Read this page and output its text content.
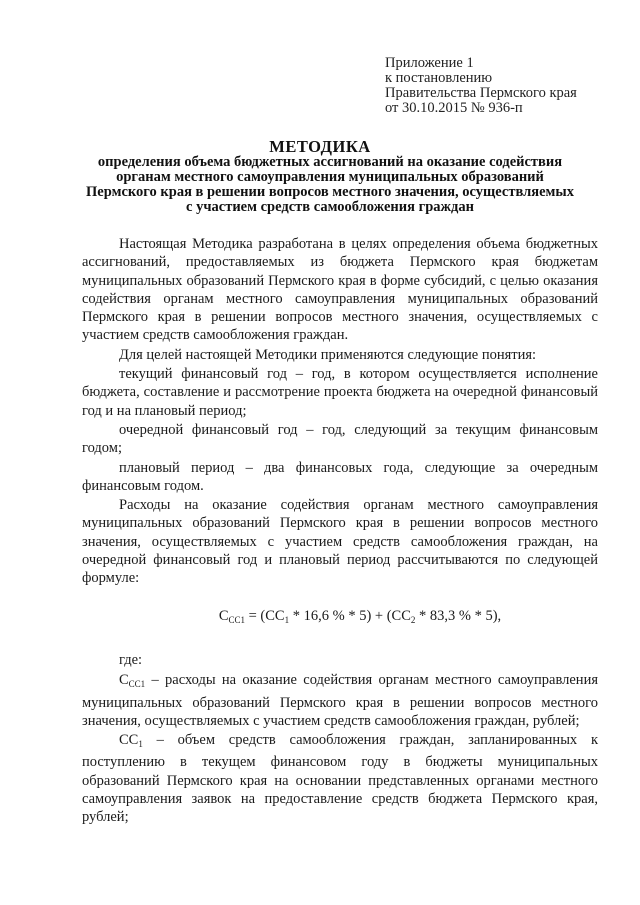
Приложение 1
к постановлению
Правительства Пермского края
от 30.10.2015 № 936-п
МЕТОДИКА
определения объема бюджетных ассигнований на оказание содействия
органам местного самоуправления муниципальных образований
Пермского края в решении вопросов местного значения, осуществляемых
с участием средств самообложения граждан

Настоящая Методика разработана в целях определения объема бюджетных ассигнований, предоставляемых из бюджета Пермского края бюджетам муниципальных образований Пермского края в форме субсидий, с целью оказания содействия органам местного самоуправления муниципальных образований Пермского края в решении вопросов местного значения, осуществляемых с участием средств самообложения граждан.

Для целей настоящей Методики применяются следующие понятия:

текущий финансовый год – год, в котором осуществляется исполнение бюджета, составление и рассмотрение проекта бюджета на очередной финансовый год и на плановый период;

очередной финансовый год – год, следующий за текущим финансовым годом;

плановый период – два финансовых года, следующие за очередным финансовым годом.

Расходы на оказание содействия органам местного самоуправления муниципальных образований Пермского края в решении вопросов местного значения, осуществляемых с участием средств самообложения граждан, на очередной финансовый год и плановый период рассчитываются по следующей формуле:

$C_{CC1} = (CC_1 * 16,6$ % * $5) + (CC_2 * 83,3$ % * 5),

где:

$C_{CC1}$ – расходы на оказание содействия органам местного самоуправления муниципальных образований Пермского края в решении вопросов местного значения, осуществляемых с участием средств самообложения граждан, рублей;

$CC_1$ – объем средств самообложения граждан, запланированных к поступлению в текущем финансовом году в бюджеты муниципальных образований Пермского края на основании представленных органами местного самоуправления заявок на предоставление средств бюджета Пермского края, рублей;
